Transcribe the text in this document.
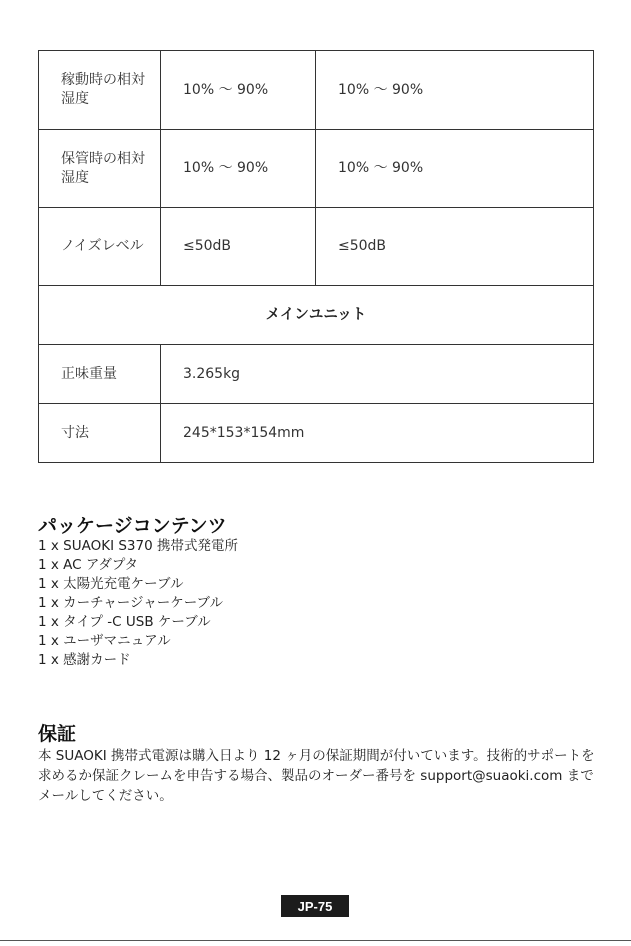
稼動時の相対湿度	10% ～ 90%	10% ～ 90%
保管時の相対湿度	10% ～ 90%	10% ～ 90%
ノイズレベル	≤50dB	≤50dB
メインユニット		
正味重量	3.265kg	
寸法	245*153*154mm	
パッケージコンテンツ
1 x SUAOKI S370 携帯式発電所
1 x AC アダプタ
1 x 太陽光充電ケーブル
1 x カーチャージャーケーブル
1 x タイプ -C USB ケーブル
1 x ユーザマニュアル
1 x 感謝カード
保証

本 SUAOKI 携帯式電源は購入日より 12 ヶ月の保証期間が付いています。技術的サポートを求めるか保証クレームを申告する場合、製品のオーダー番号を support@suaoki.com までメールしてください。

JP-75
